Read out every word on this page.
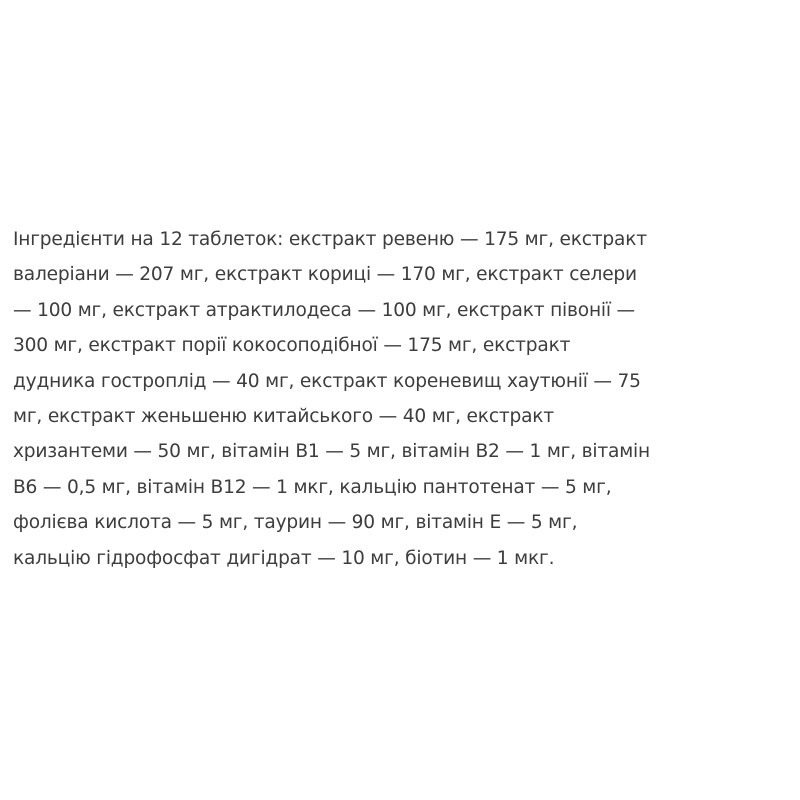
Інгредієнти на 12 таблеток: екстракт ревеню — 175 мг, екстракт
валеріани — 207 мг, екстракт кориці — 170 мг, екстракт селери
— 100 мг, екстракт атрактилодеса — 100 мг, екстракт півонії —
300 мг, екстракт порії кокосоподібної — 175 мг, екстракт
дудника гостроплід — 40 мг, екстракт кореневищ хаутюнії — 75
мг, екстракт женьшеню китайського — 40 мг, екстракт
хризантеми — 50 мг, вітамін В1 — 5 мг, вітамін В2 — 1 мг, вітамін
В6 — 0,5 мг, вітамін В12 — 1 мкг, кальцію пантотенат — 5 мг,
фолієва кислота — 5 мг, таурин — 90 мг, вітамін Е — 5 мг,
кальцію гідрофосфат дигідрат — 10 мг, біотин — 1 мкг.
